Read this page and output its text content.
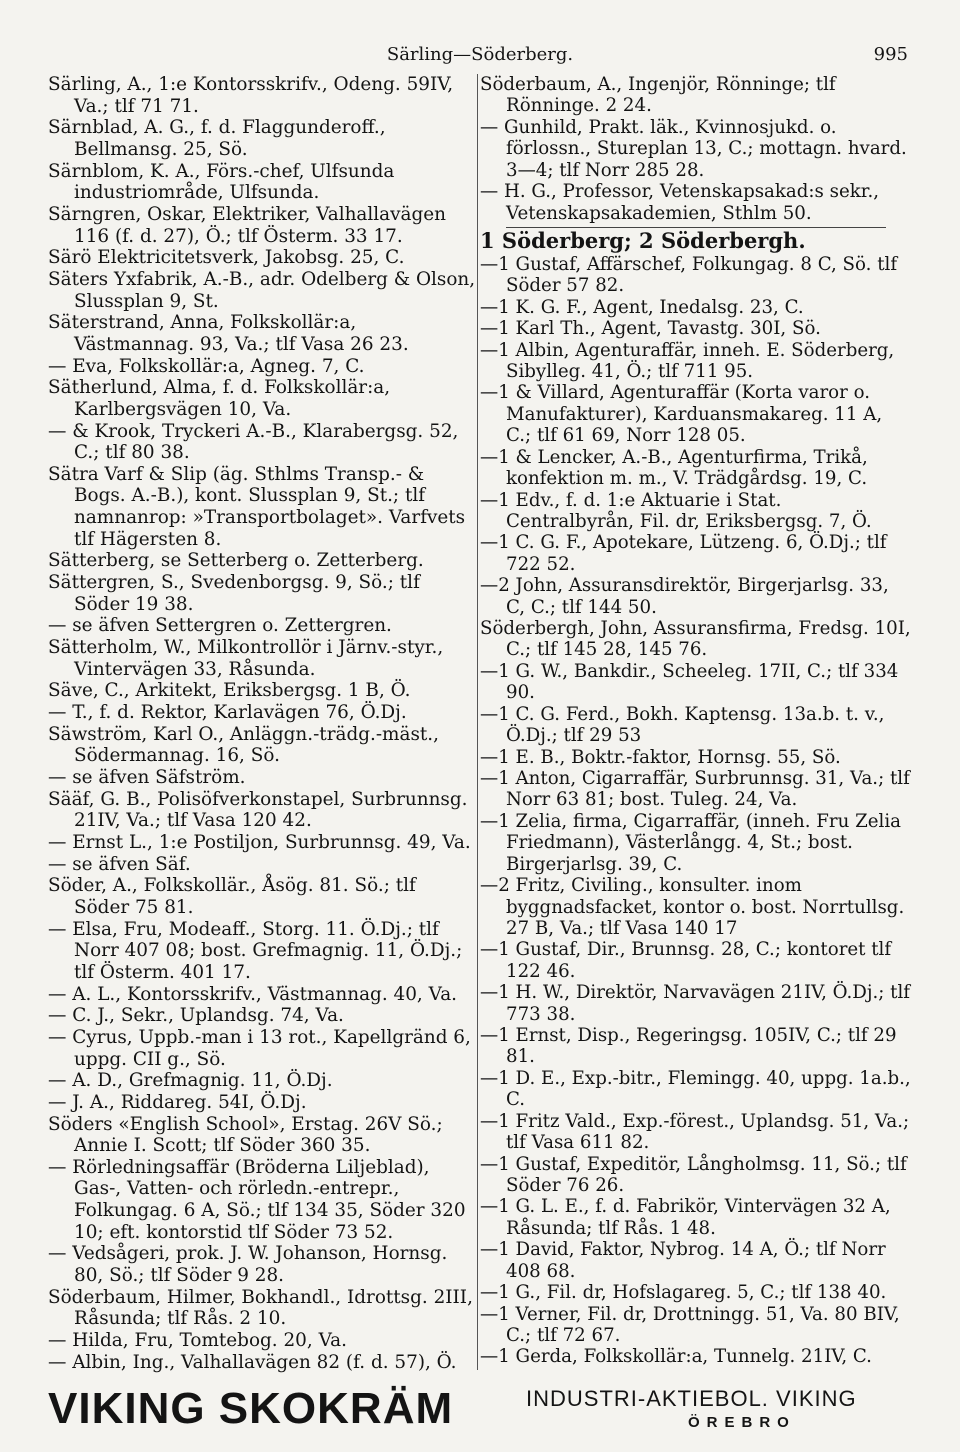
Särling—Söderberg.	995
Särling, A., 1:e Kontorsskrifv., Odeng. 59IV, Va.; tlf 71 71.
Särnblad, A. G., f. d. Flaggunderoff., Bellmansg. 25, Sö.
Särnblom, K. A., Förs.-chef, Ulfsunda industriområde, Ulfsunda.
Särngren, Oskar, Elektriker, Valhallavägen 116 (f. d. 27), Ö.; tlf Österm. 33 17.
Särö Elektricitetsverk, Jakobsg. 25, C.
Säters Yxfabrik, A.-B., adr. Odelberg & Olson, Slussplan 9, St.
Säterstrand, Anna, Folkskollär:a, Västmannag. 93, Va.; tlf Vasa 26 23.
— Eva, Folkskollär:a, Agneg. 7, C.
Sätherlund, Alma, f. d. Folkskollär:a, Karlbergsvägen 10, Va.
— & Krook, Tryckeri A.-B., Klarabergsg. 52, C.; tlf 80 38.
Sätra Varf & Slip (äg. Sthlms Transp.- & Bogs. A.-B.), kont. Slussplan 9, St.; tlf namnanrop: »Transportbolaget». Varfvets tlf Hägersten 8.
Sätterberg, se Setterberg o. Zetterberg.
Sättergren, S., Svedenborgsg. 9, Sö.; tlf Söder 19 38.
— se äfven Settergren o. Zettergren.
Sätterholm, W., Milkontrollör i Järnv.-styr., Vintervägen 33, Råsunda.
Säve, C., Arkitekt, Eriksbergsg. 1 B, Ö.
— T., f. d. Rektor, Karlavägen 76, Ö.Dj.
Säwström, Karl O., Anläggn.-trädg.-mäst., Södermannag. 16, Sö.
— se äfven Säfström.
Sääf, G. B., Polisöfverkonstapel, Surbrunnsg. 21IV, Va.; tlf Vasa 120 42.
— Ernst L., 1:e Postiljon, Surbrunnsg. 49, Va.
— se äfven Säf.
Söder, A., Folkskollär., Åsög. 81. Sö.; tlf Söder 75 81.
— Elsa, Fru, Modeaff., Storg. 11. Ö.Dj.; tlf Norr 407 08; bost. Grefmagnig. 11, Ö.Dj.; tlf Österm. 401 17.
— A. L., Kontorsskrifv., Västmannag. 40, Va.
— C. J., Sekr., Uplandsg. 74, Va.
— Cyrus, Uppb.-man i 13 rot., Kapellgränd 6, uppg. CII g., Sö.
— A. D., Grefmagnig. 11, Ö.Dj.
— J. A., Riddareg. 54I, Ö.Dj.
Söders «English School», Erstag. 26V Sö.; Annie I. Scott; tlf Söder 360 35.
— Rörledningsaffär (Bröderna Liljeblad), Gas-, Vatten- och rörledn.-entrepr., Folkungag. 6 A, Sö.; tlf 134 35, Söder 320 10; eft. kontorstid tlf Söder 73 52.
— Vedsågeri, prok. J. W. Johanson, Hornsg. 80, Sö.; tlf Söder 9 28.
Söderbaum, Hilmer, Bokhandl., Idrottsg. 2III, Råsunda; tlf Rås. 2 10.
— Hilda, Fru, Tomtebog. 20, Va.
— Albin, Ing., Valhallavägen 82 (f. d. 57), Ö.
Söderbaum, A., Ingenjör, Rönninge; tlf Rönninge. 2 24.
— Gunhild, Prakt. läk., Kvinnosjukd. o. förlossn., Stureplan 13, C.; mottagn. hvard. 3—4; tlf Norr 285 28.
— H. G., Professor, Vetenskapsakad:s sekr., Vetenskapsakademien, Sthlm 50.
1 Söderberg; 2 Söderbergh.
—1 Gustaf, Affärschef, Folkungag. 8 C, Sö. tlf Söder 57 82.
—1 K. G. F., Agent, Inedalsg. 23, C.
—1 Karl Th., Agent, Tavastg. 30I, Sö.
—1 Albin, Agenturaffär, inneh. E. Söderberg, Sibylleg. 41, Ö.; tlf 711 95.
—1 & Villard, Agenturaffär (Korta varor o. Manufakturer), Karduansmakareg. 11 A, C.; tlf 61 69, Norr 128 05.
—1 & Lencker, A.-B., Agenturfirma, Trikå, konfektion m. m., V. Trädgårdsg. 19, C.
—1 Edv., f. d. 1:e Aktuarie i Stat. Centralbyrån, Fil. dr, Eriksbergsg. 7, Ö.
—1 C. G. F., Apotekare, Lützeng. 6, Ö.Dj.; tlf 722 52.
—2 John, Assuransdirektör, Birgerjarlsg. 33, C, C.; tlf 144 50.
Söderbergh, John, Assuransfirma, Fredsg. 10I, C.; tlf 145 28, 145 76.
—1 G. W., Bankdir., Scheeleg. 17II, C.; tlf 334 90.
—1 C. G. Ferd., Bokh. Kaptensg. 13a.b. t. v., Ö.Dj.; tlf 29 53
—1 E. B., Boktr.-faktor, Hornsg. 55, Sö.
—1 Anton, Cigarraffär, Surbrunnsg. 31, Va.; tlf Norr 63 81; bost. Tuleg. 24, Va.
—1 Zelia, firma, Cigarraffär, (inneh. Fru Zelia Friedmann), Västerlångg. 4, St.; bost. Birgerjarlsg. 39, C.
—2 Fritz, Civiling., konsulter. inom byggnadsfacket, kontor o. bost. Norrtullsg. 27 B, Va.; tlf Vasa 140 17
—1 Gustaf, Dir., Brunnsg. 28, C.; kontoret tlf 122 46.
—1 H. W., Direktör, Narvavägen 21IV, Ö.Dj.; tlf 773 38.
—1 Ernst, Disp., Regeringsg. 105IV, C.; tlf 29 81.
—1 D. E., Exp.-bitr., Flemingg. 40, uppg. 1a.b., C.
—1 Fritz Vald., Exp.-förest., Uplandsg. 51, Va.; tlf Vasa 611 82.
—1 Gustaf, Expeditör, Långholmsg. 11, Sö.; tlf Söder 76 26.
—1 G. L. E., f. d. Fabrikör, Vintervägen 32 A, Råsunda; tlf Rås. 1 48.
—1 David, Faktor, Nybrog. 14 A, Ö.; tlf Norr 408 68.
—1 G., Fil. dr, Hofslagareg. 5, C.; tlf 138 40.
—1 Verner, Fil. dr, Drottningg. 51, Va. 80 BIV, C.; tlf 72 67.
—1 Gerda, Folkskollär:a, Tunnelg. 21IV, C.
VIKING SKOKRÄM	INDUSTRI-AKTIEBOL. VIKING
ÖREBRO
